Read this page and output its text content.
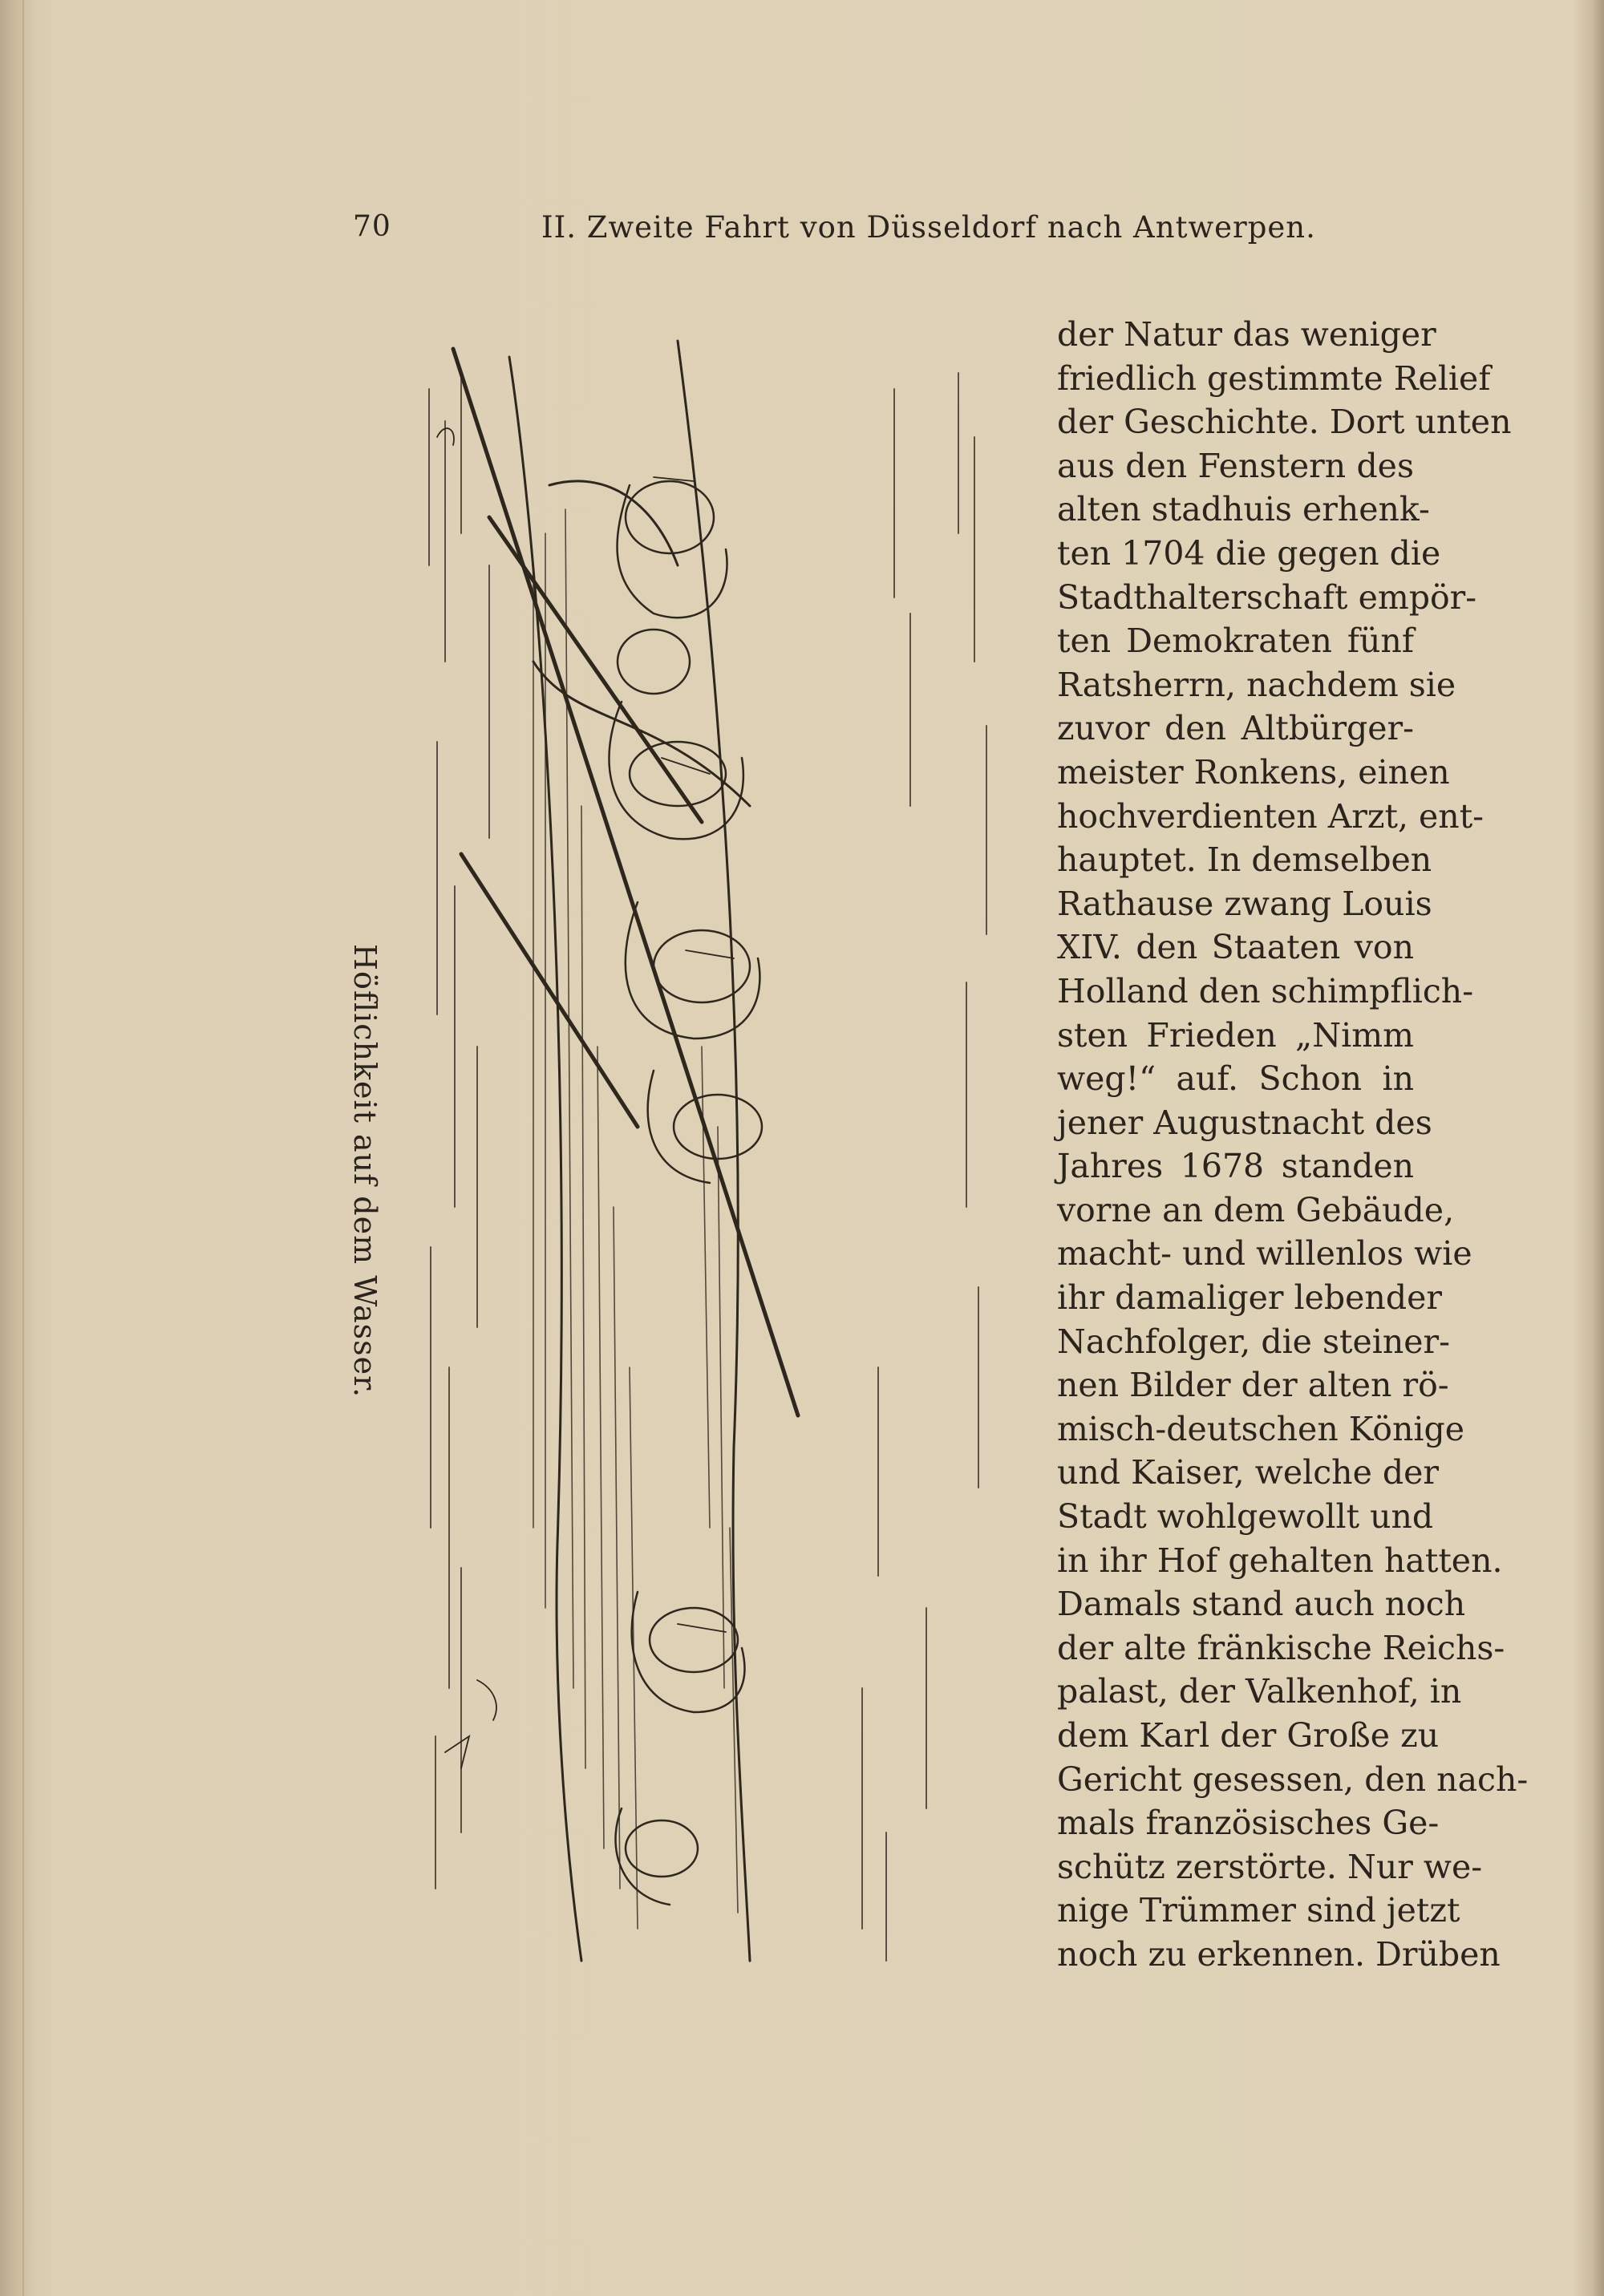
70	II. Zweite Fahrt von Düsseldorf nach Antwerpen.
Höflichkeit auf dem Wasser.
der Natur das weniger
friedlich gestimmte Relief
der Geschichte. Dort unten
aus den Fenstern des
alten stadhuis erhenk-
ten 1704 die gegen die
Stadthalterschaft empör-
ten Demokraten fünf
Ratsherrn, nachdem sie
zuvor den Altbürger-
meister Ronkens, einen
hochverdienten Arzt, ent-
hauptet. In demselben
Rathause zwang Louis
XIV. den Staaten von
Holland den schimpflich-
sten Frieden „Nimm
weg!“ auf. Schon in
jener Augustnacht des
Jahres 1678 standen
vorne an dem Gebäude,
macht- und willenlos wie
ihr damaliger lebender
Nachfolger, die steiner-
nen Bilder der alten rö-
misch-deutschen Könige
und Kaiser, welche der
Stadt wohlgewollt und
in ihr Hof gehalten hatten.
Damals stand auch noch
der alte fränkische Reichs-
palast, der Valkenhof, in
dem Karl der Große zu
Gericht gesessen, den nach-
mals französisches Ge-
schütz zerstörte. Nur we-
nige Trümmer sind jetzt
noch zu erkennen. Drüben
